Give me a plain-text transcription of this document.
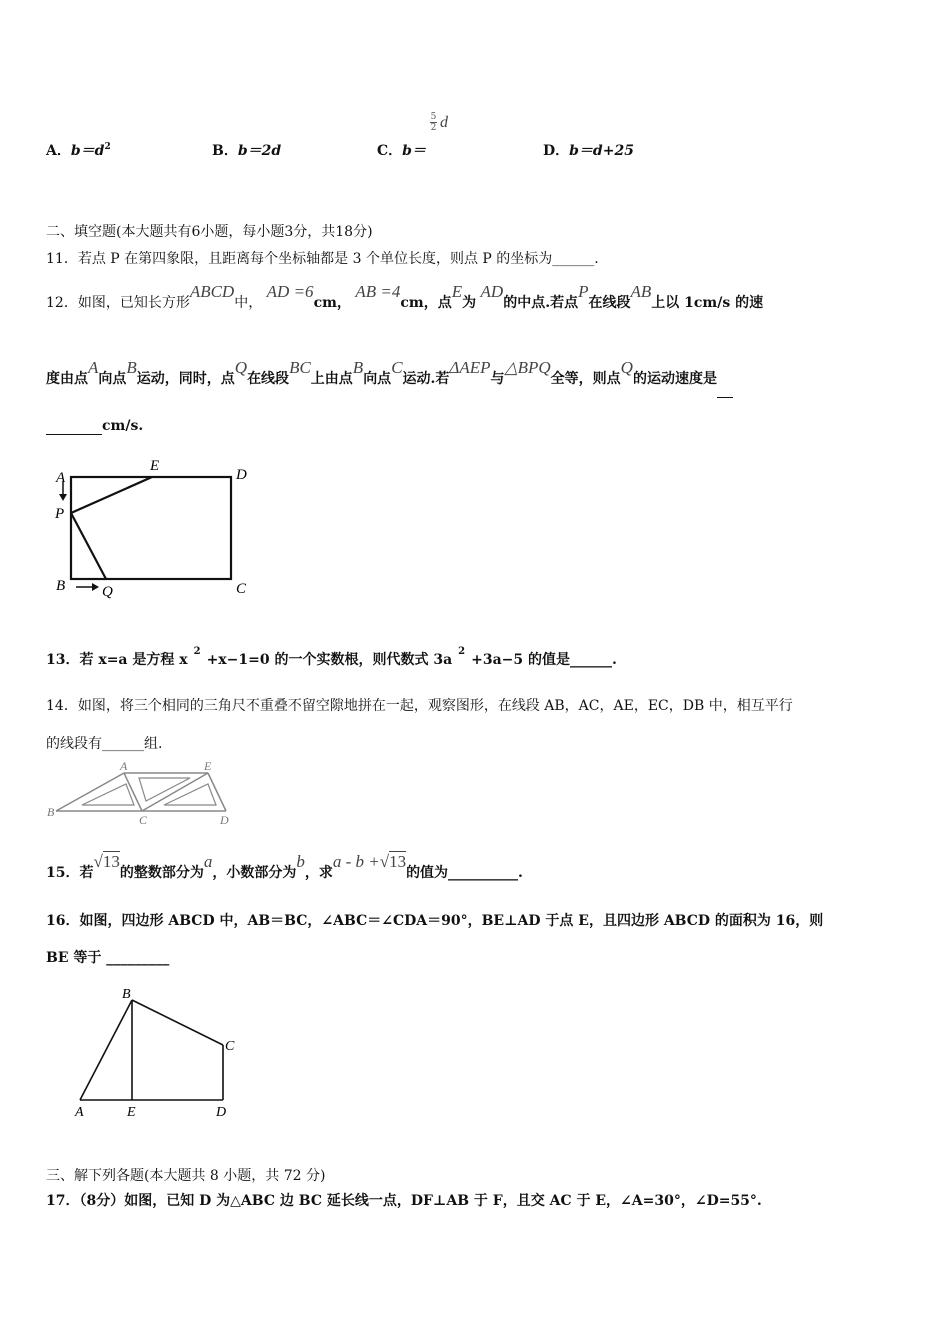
A．$b=d^2$	B．b＝2d	C．b＝
$\frac{5}{2}$ d
D．b＝d+25
二、填空题(本大题共有6小题，每小题3分，共18分)
11．若点 P 在第四象限，且距离每个坐标轴都是 3 个单位长度，则点 P 的坐标为______.
12．如图，已知长方形ABCD中， AD =6cm， AB =4cm，点E为 AD的中点.若点P在线段AB上以 1cm/s 的速
度由点A向点B运动，同时，点Q在线段BC上由点B向点C运动.若ΔAEP与△BPQ全等，则点Q的运动速度是
cm/s.
A
E
D
P
B Q	C
13．若 x=a 是方程 $x^2+x-1=0$ 的一个实数根，则代数式 $3a^2+3a-5$ 的值是______.
14．如图，将三个相同的三角尺不重叠不留空隙地拼在一起，观察图形，在线段 AB，AC，AE，EC，DB 中，相互平行
的线段有______组.
A	E
B
C	D
15．若√13的整数部分为a，小数部分为b，求a - b +√13的值为__________.
16．如图，四边形 ABCD 中，AB＝BC，∠ABC＝∠CDA＝90°，BE⊥AD 于点 E，且四边形 ABCD 的面积为 16，则
BE 等于 _________
B
C
A	E	D
三、解下列各题(本大题共 8 小题，共 72 分)
17．（8分）如图，已知 D 为△ABC 边 BC 延长线一点，DF⊥AB 于 F，且交 AC 于 E，∠A=30°，∠D=55°.
